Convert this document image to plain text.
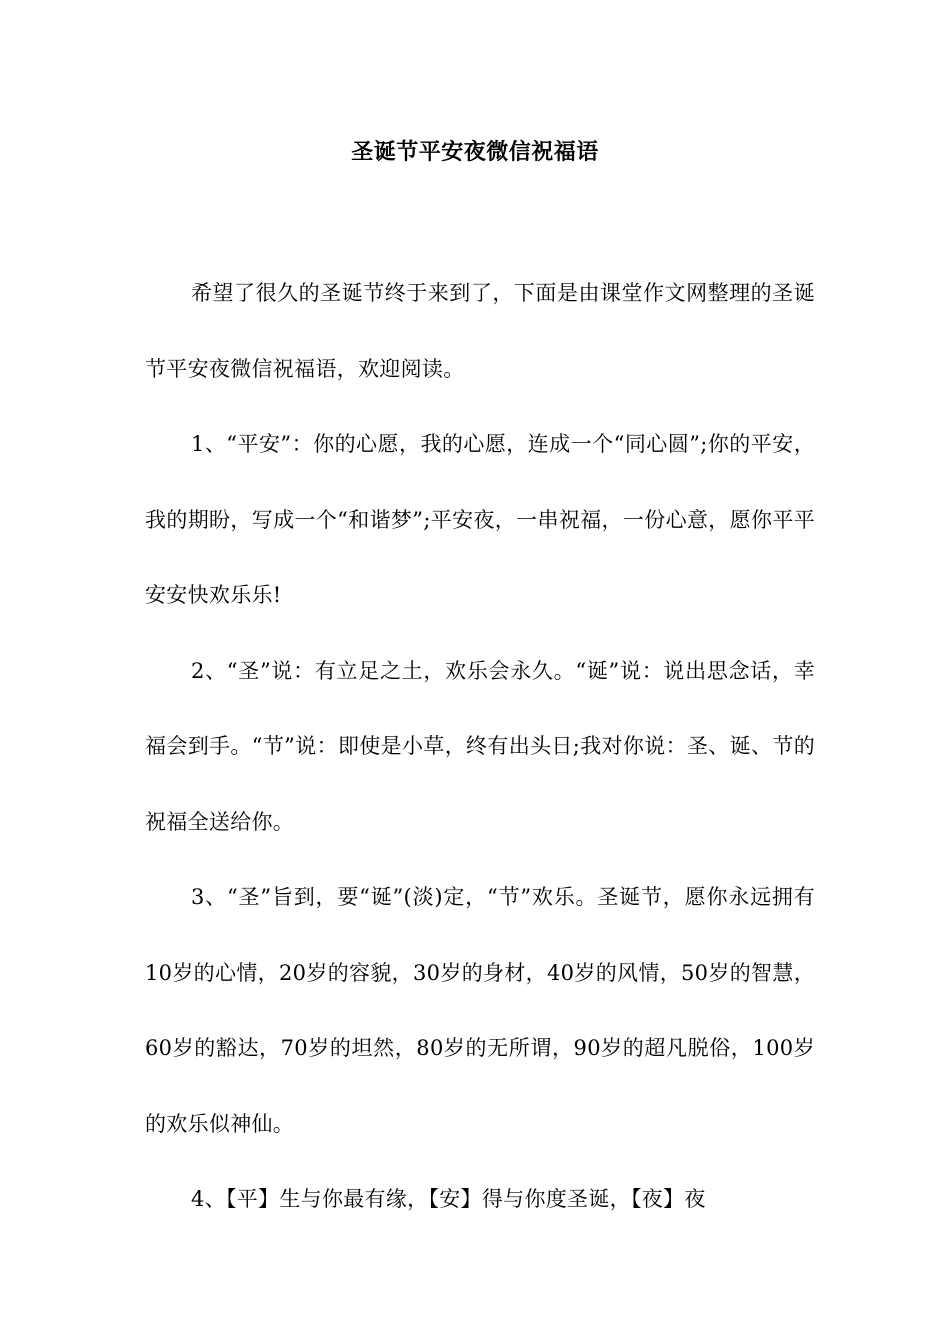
圣诞节平安夜微信祝福语

希望了很久的圣诞节终于来到了，下面是由课堂作文网整理的圣诞节平安夜微信祝福语，欢迎阅读。

1、“平安”：你的心愿，我的心愿，连成一个“同心圆”;你的平安，我的期盼，写成一个“和谐梦”;平安夜，一串祝福，一份心意，愿你平平安安快欢乐乐!

2、“圣”说：有立足之土，欢乐会永久。“诞”说：说出思念话，幸福会到手。“节”说：即使是小草，终有出头日;我对你说：圣、诞、节的祝福全送给你。

3、“圣”旨到，要“诞”(淡)定，“节”欢乐。圣诞节，愿你永远拥有10岁的心情，20岁的容貌，30岁的身材，40岁的风情，50岁的智慧，60岁的豁达，70岁的坦然，80岁的无所谓，90岁的超凡脱俗，100岁的欢乐似神仙。

4、【平】生与你最有缘，【安】得与你度圣诞，【夜】夜
